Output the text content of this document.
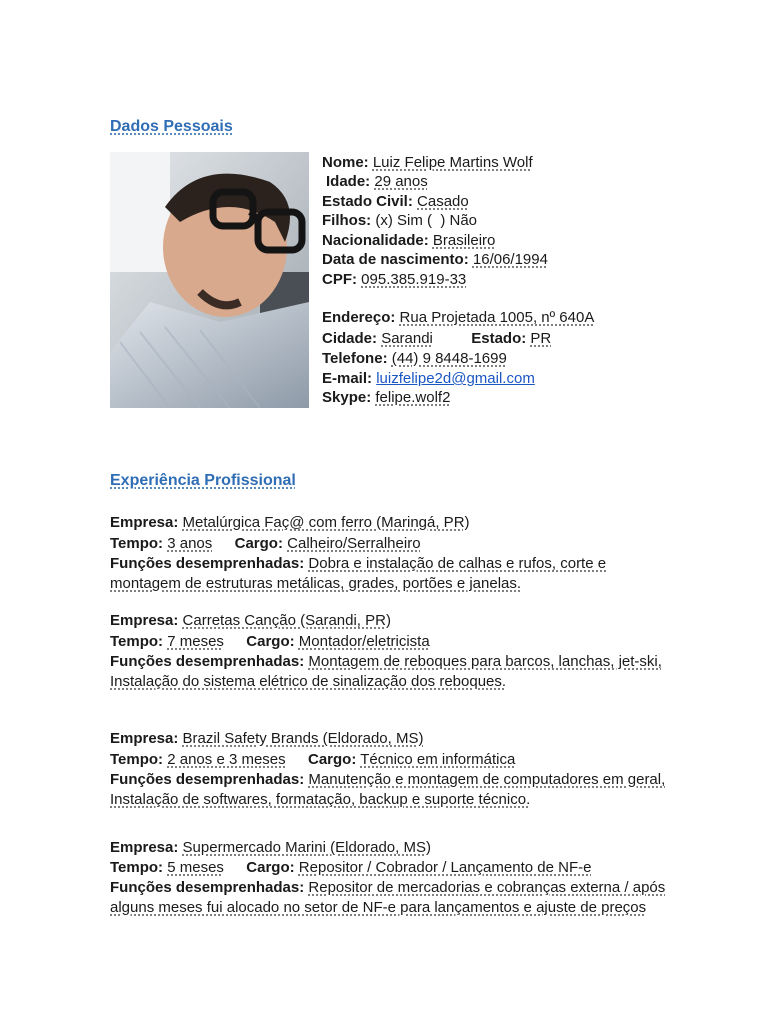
Dados Pessoais
Nome: Luiz Felipe Martins Wolf
Idade: 29 anos
Estado Civil: Casado
Filhos: (x) Sim (  ) Não
Nacionalidade: Brasileiro
Data de nascimento: 16/06/1994
CPF: 095.385.919-33
Endereço: Rua Projetada 1005, nº 640A
Cidade: Sarandi	Estado: PR
Telefone: (44) 9 8448-1699
E-mail: luizfelipe2d@gmail.com
Skype: felipe.wolf2
Experiência Profissional
Empresa: Metalúrgica Faç@ com ferro (Maringá, PR)
Tempo: 3 anos Cargo: Calheiro/Serralheiro
Funções desemprenhadas: Dobra e instalação de calhas e rufos, corte e montagem de estruturas metálicas, grades, portões e janelas.
Empresa: Carretas Canção (Sarandi, PR)
Tempo: 7 meses Cargo: Montador/eletricista
Funções desemprenhadas: Montagem de reboques para barcos, lanchas, jet-ski, Instalação do sistema elétrico de sinalização dos reboques.
Empresa: Brazil Safety Brands (Eldorado, MS)
Tempo: 2 anos e 3 meses Cargo: Técnico em informática
Funções desemprenhadas: Manutenção e montagem de computadores em geral, Instalação de softwares, formatação, backup e suporte técnico.
Empresa: Supermercado Marini (Eldorado, MS)
Tempo: 5 meses Cargo: Repositor / Cobrador / Lançamento de NF-e
Funções desemprenhadas: Repositor de mercadorias e cobranças externa / após alguns meses fui alocado no setor de NF-e para lançamentos e ajuste de preços
